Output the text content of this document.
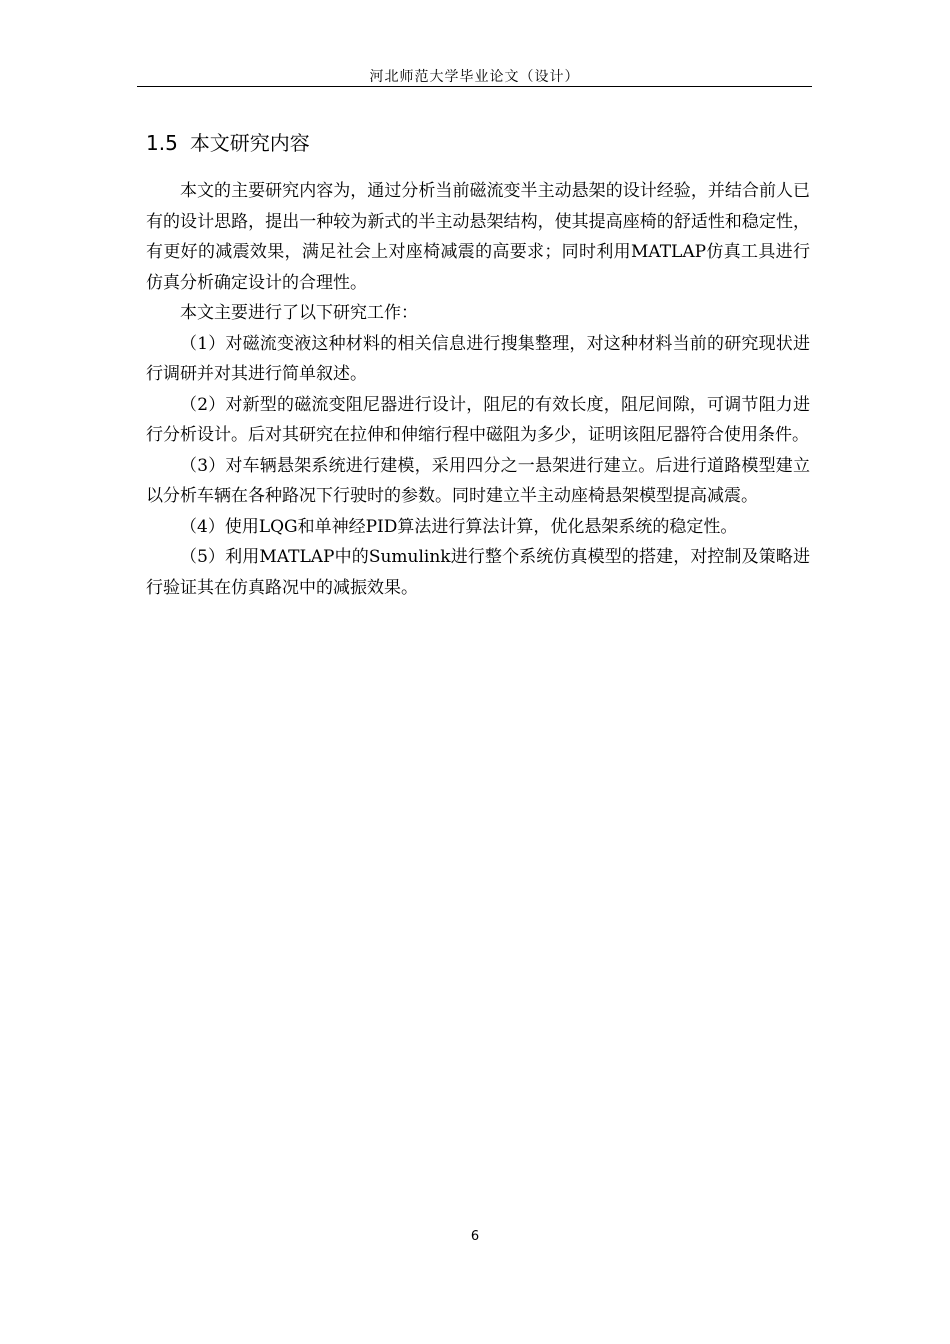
河北师范大学毕业论文（设计）
1.5 本文研究内容

本文的主要研究内容为，通过分析当前磁流变半主动悬架的设计经验，并结合前人已有的设计思路，提出一种较为新式的半主动悬架结构，使其提高座椅的舒适性和稳定性，有更好的减震效果，满足社会上对座椅减震的高要求；同时利用MATLAP仿真工具进行仿真分析确定设计的合理性。

本文主要进行了以下研究工作：

（1）对磁流变液这种材料的相关信息进行搜集整理，对这种材料当前的研究现状进行调研并对其进行简单叙述。

（2）对新型的磁流变阻尼器进行设计，阻尼的有效长度，阻尼间隙，可调节阻力进行分析设计。后对其研究在拉伸和伸缩行程中磁阻为多少，证明该阻尼器符合使用条件。

（3）对车辆悬架系统进行建模，采用四分之一悬架进行建立。后进行道路模型建立以分析车辆在各种路况下行驶时的参数。同时建立半主动座椅悬架模型提高减震。

（4）使用LQG和单神经PID算法进行算法计算，优化悬架系统的稳定性。

（5）利用MATLAP中的Sumulink进行整个系统仿真模型的搭建，对控制及策略进行验证其在仿真路况中的减振效果。

6
